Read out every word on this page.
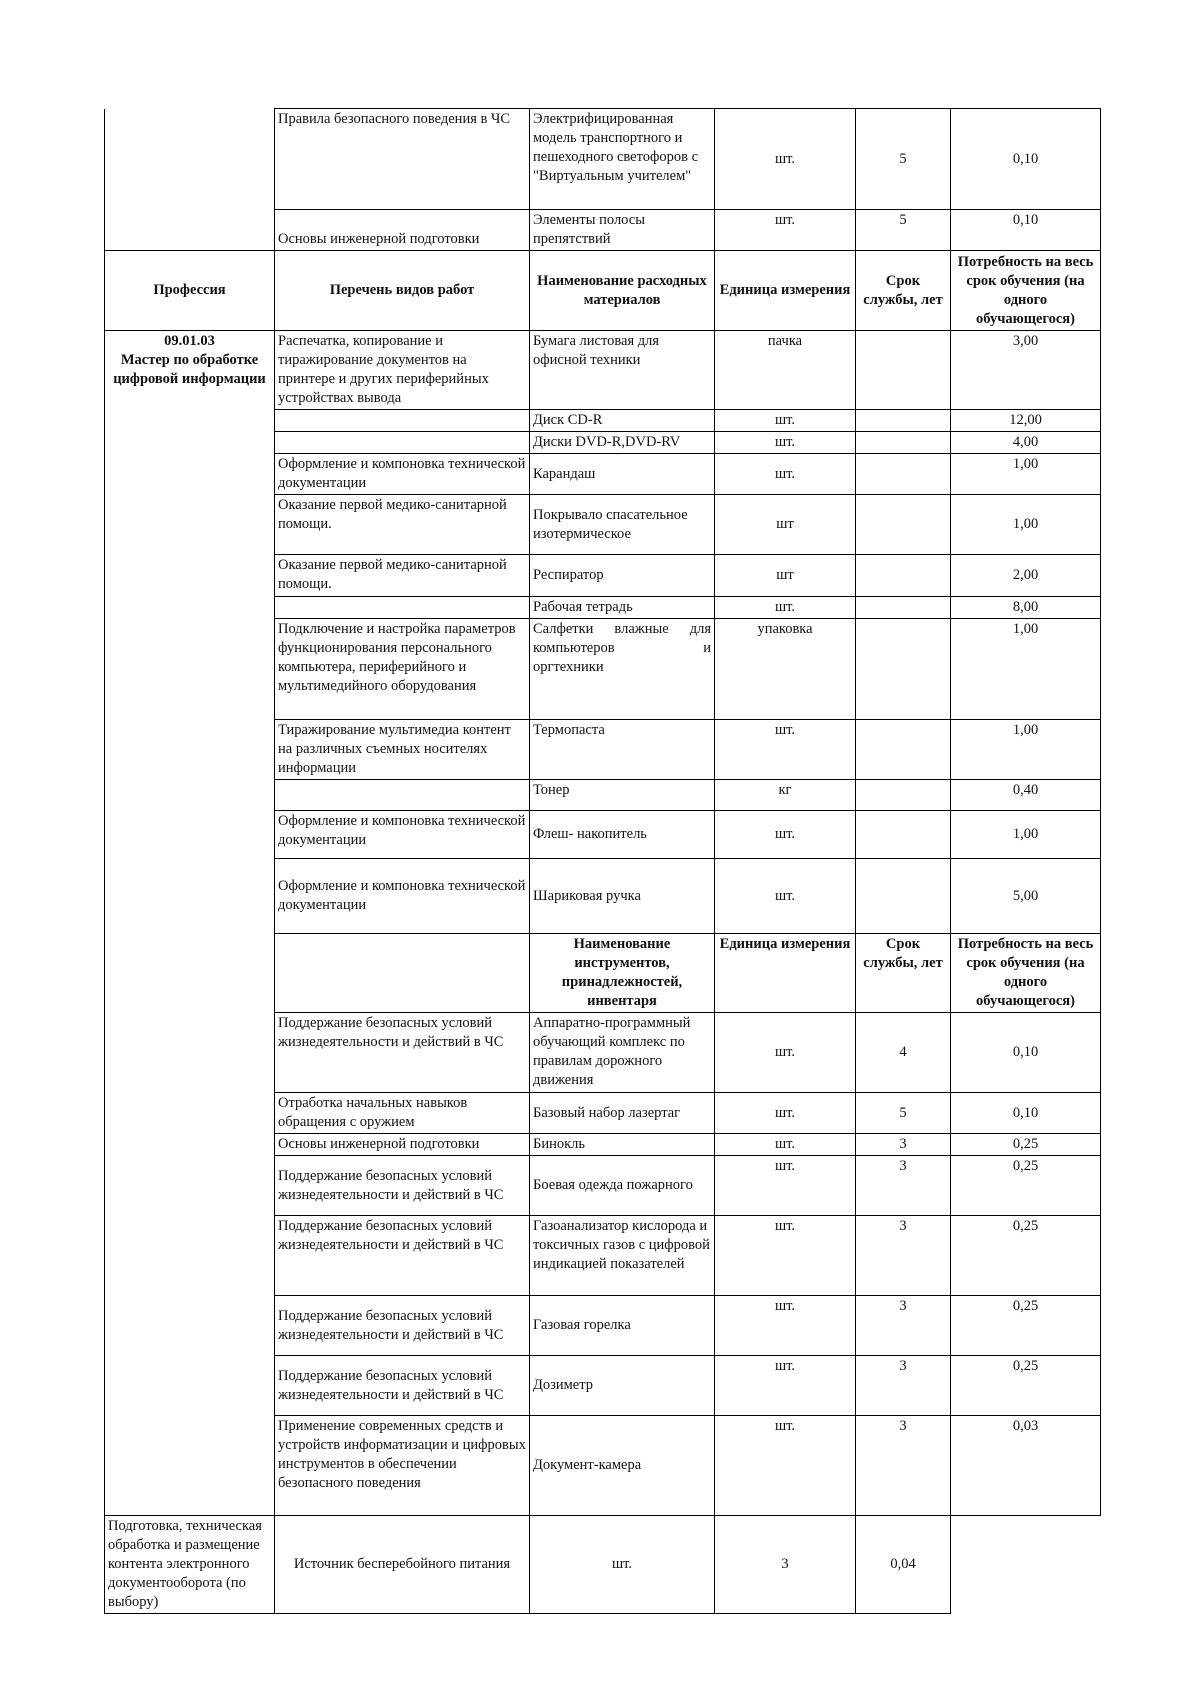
	Правила безопасного поведения в ЧС	Электрифицированная модель транспортного и пешеходного светофоров с "Виртуальным учителем"	шт.	5	0,10
	Основы инженерной подготовки	Элементы полосы препятствий	шт.	5	0,10
Профессия	Перечень видов работ	Наименование расходных материалов	Единица измерения	Срок службы, лет	Потребность на весь срок обучения (на одного обучающегося)

09.01.03
Мастер по обработке
цифровой информации	Распечатка, копирование и тиражирование документов на принтере и других периферийных устройствах вывода	Бумага листовая для офисной техники	пачка		3,00
		Диск CD-R	шт.		12,00
		Диски DVD-R,DVD-RV	шт.		4,00
	Оформление и компоновка технической документации	Карандаш	шт.		1,00
	Оказание первой медико-санитарной помощи.	Покрывало спасательное изотермическое	шт		1,00
	Оказание первой медико-санитарной помощи.	Респиратор	шт		2,00
		Рабочая тетрадь	шт.		8,00
	Подключение и настройка параметров функционирования персонального компьютера, периферийного и мультимедийного оборудования	Салфетки влажные для
компьютеров и
оргтехники	упаковка		1,00
	Тиражирование мультимедиа контент на различных съемных носителях информации	Термопаста	шт.		1,00
		Тонер	кг		0,40
	Оформление и компоновка технической документации	Флеш- накопитель	шт.		1,00
	Оформление и компоновка технической документации	Шариковая ручка	шт.		5,00
		Наименование инструментов, принадлежностей, инвентаря	Единица измерения	Срок службы, лет	Потребность на весь срок обучения (на одного обучающегося)
	Поддержание безопасных условий жизнедеятельности и действий в ЧС	Аппаратно-программный обучающий комплекс по правилам дорожного движения	шт.	4	0,10
	Отработка начальных навыков обращения с оружием	Базовый набор лазертаг	шт.	5	0,10
	Основы инженерной подготовки	Бинокль	шт.	3	0,25
	Поддержание безопасных условий жизнедеятельности и действий в ЧС	Боевая одежда пожарного	шт.	3	0,25
	Поддержание безопасных условий жизнедеятельности и действий в ЧС	Газоанализатор кислорода и токсичных газов с цифровой индикацией показателей	шт.	3	0,25
	Поддержание безопасных условий жизнедеятельности и действий в ЧС	Газовая горелка	шт.	3	0,25
	Поддержание безопасных условий жизнедеятельности и действий в ЧС	Дозиметр	шт.	3	0,25
	Применение современных средств и устройств информатизации и цифровых инструментов в обеспечении безопасного поведения	Документ-камера	шт.	3	0,03
Подготовка, техническая обработка и размещение контента электронного документооборота (по выбору)	Источник бесперебойного питания	шт.	3	0,04	
